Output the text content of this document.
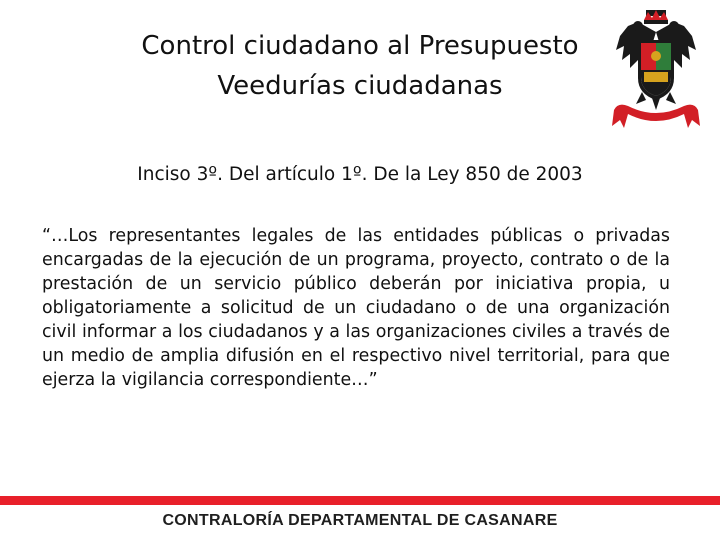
Control ciudadano al Presupuesto
Veedurías ciudadanas
Inciso 3º. Del artículo 1º. De la Ley 850 de 2003

“…Los representantes legales de las entidades públicas o privadas encargadas de la ejecución de un programa, proyecto, contrato o de la prestación de un servicio público deberán por iniciativa propia, u obligatoriamente a solicitud de un ciudadano o de una organización civil informar a los ciudadanos y a las organizaciones civiles a través de un medio de amplia difusión en el respectivo nivel territorial, para que ejerza la vigilancia correspondiente…”

CONTRALORÍA DEPARTAMENTAL DE CASANARE
